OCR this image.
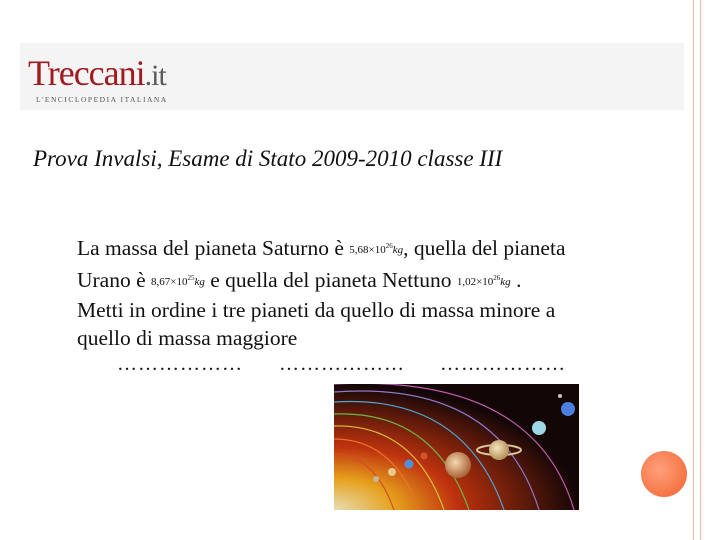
Treccani.it
L'ENCICLOPEDIA ITALIANA
Prova Invalsi, Esame di Stato 2009-2010 classe III
La massa del pianeta Saturno è $5,68\times 10^{26}kg$, quella del pianeta
Urano è $8,67\times 10^{25}kg$ e quella del pianeta Nettuno $1,02\times 10^{26}kg$ .
Metti in ordine i tre pianeti da quello di massa minore a
quello di massa maggiore
……………… ……………… ………………
